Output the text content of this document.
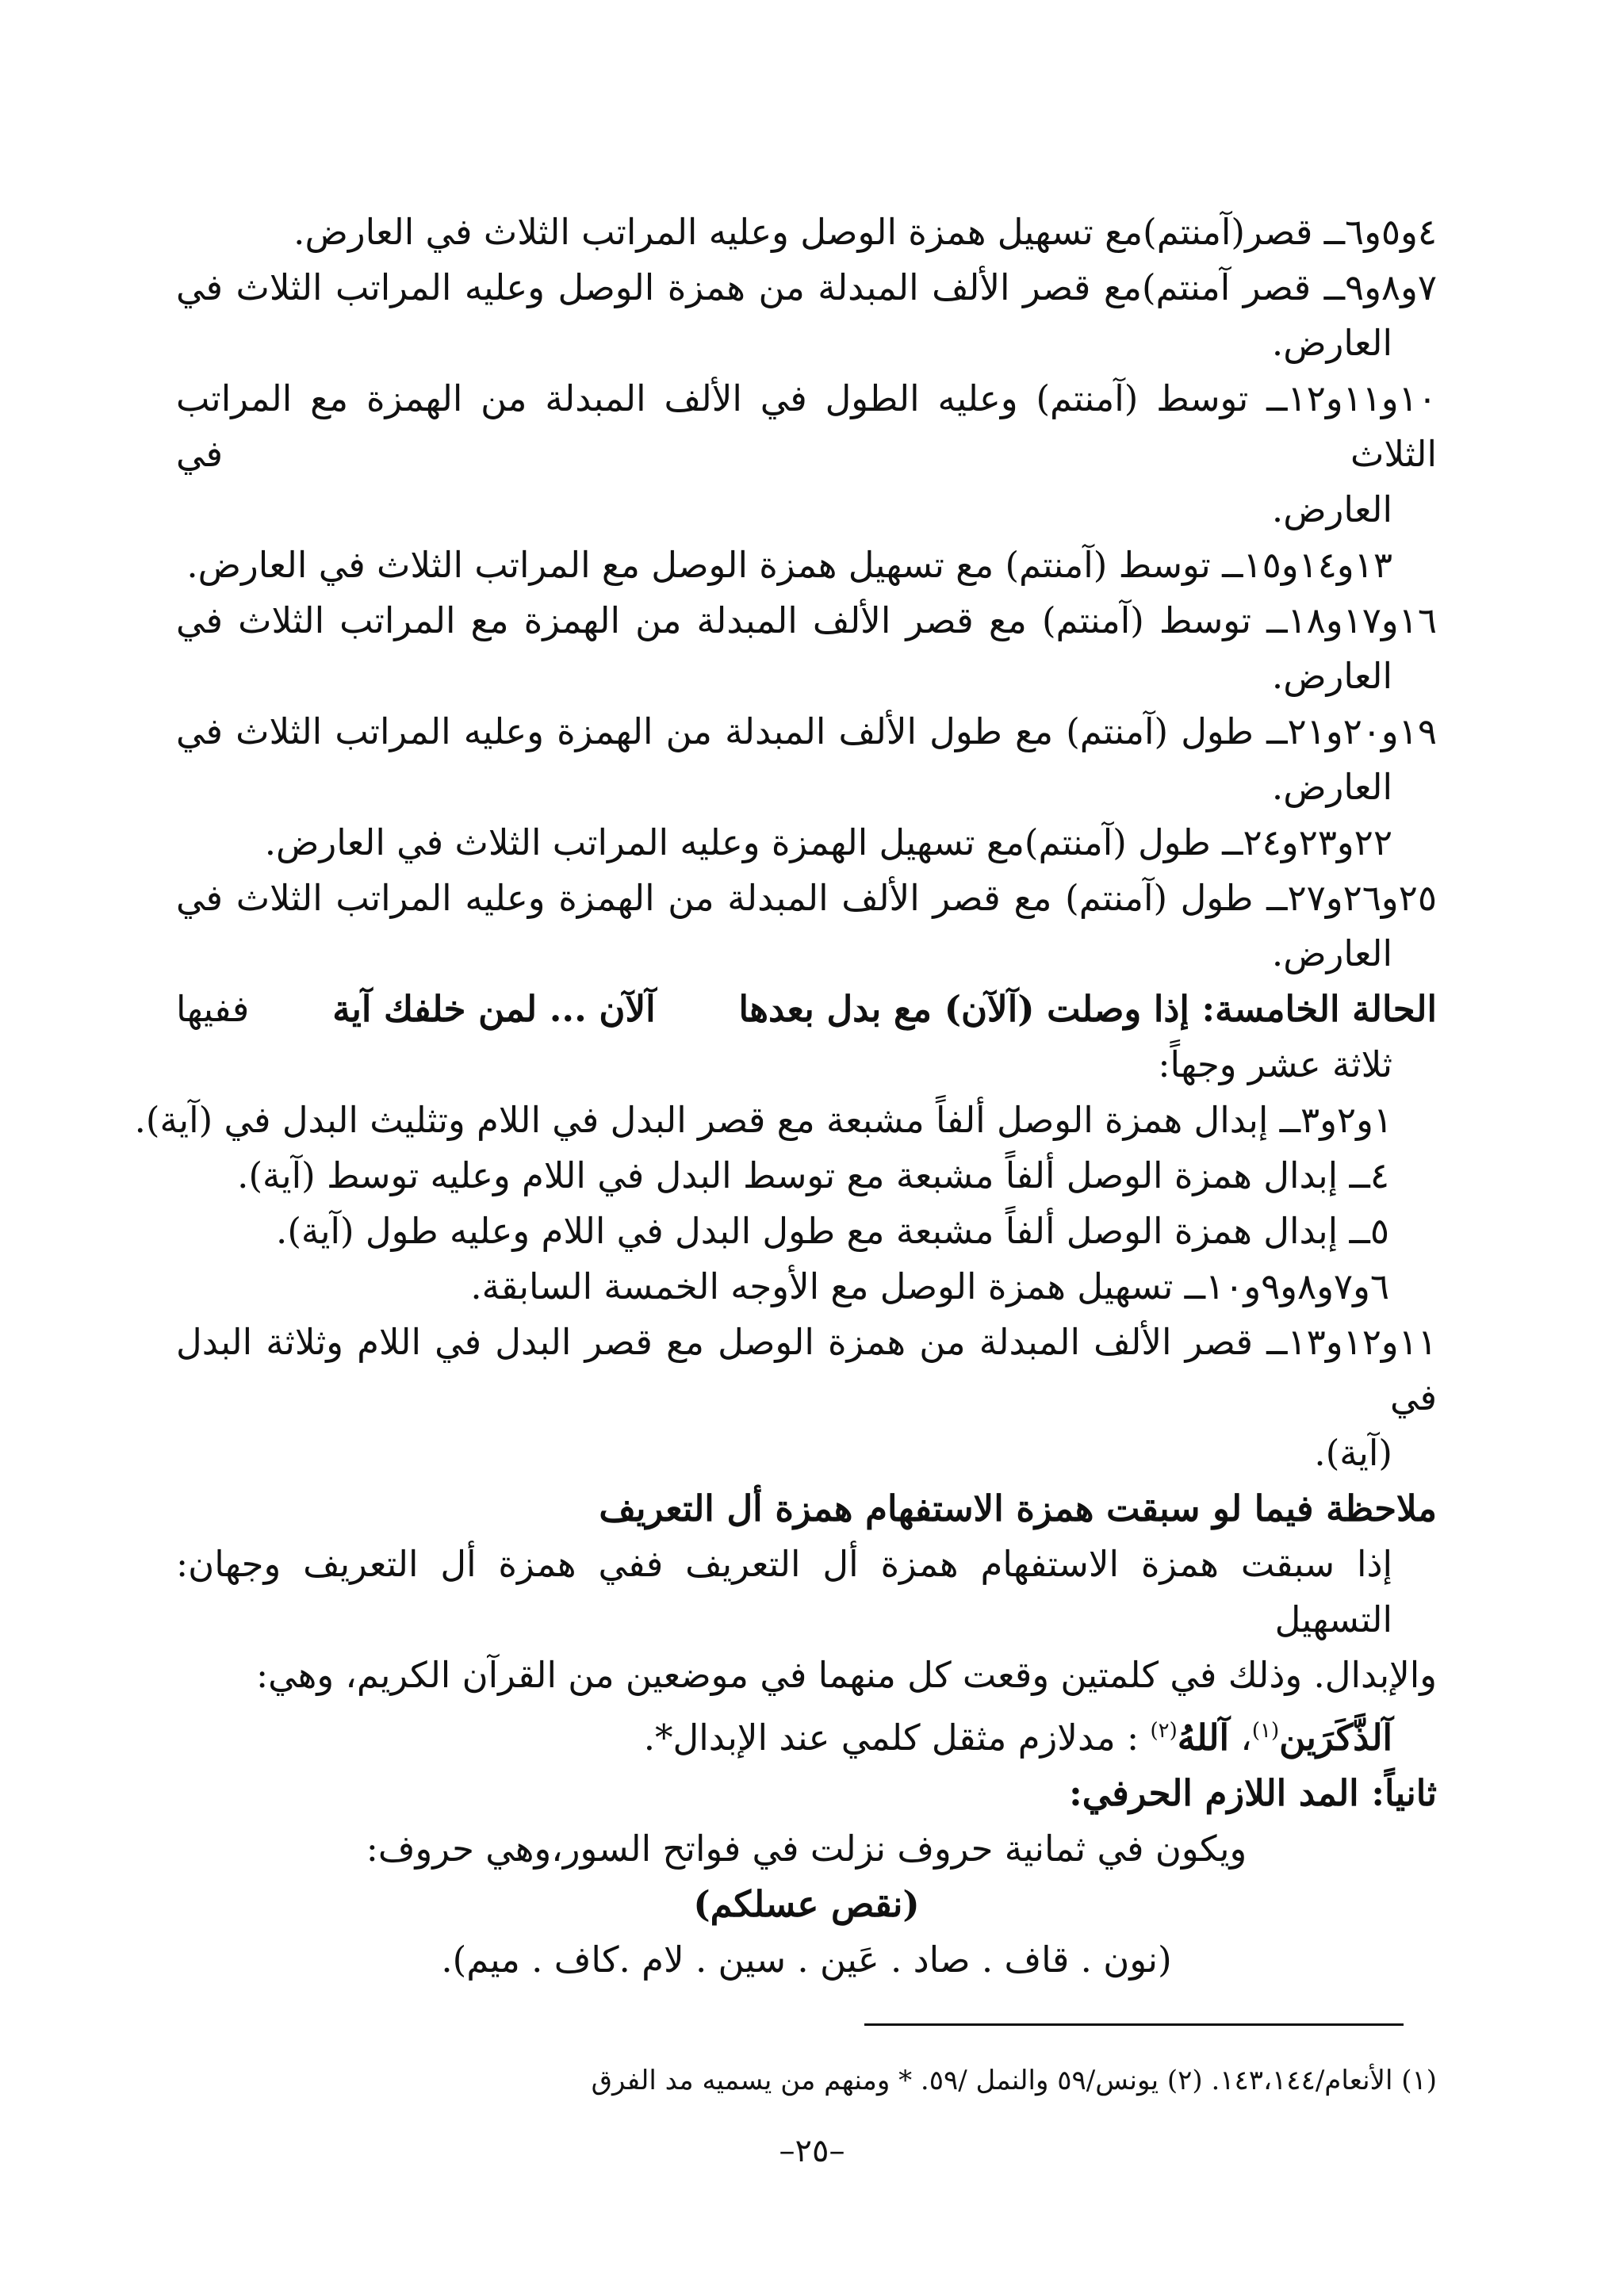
٤و٥و٦ــ قصر(آمنتم)مع تسهيل همزة الوصل وعليه المراتب الثلاث في العارض.
٧و٨و٩ــ قصر آمنتم)مع قصر الألف المبدلة من همزة الوصل وعليه المراتب الثلاث في
العارض.
١٠و١١و١٢ــ توسط (آمنتم) وعليه الطول في الألف المبدلة من الهمزة مع المراتب الثلاث في
العارض.
١٣و١٤و١٥ــ توسط (آمنتم) مع تسهيل همزة الوصل مع المراتب الثلاث في العارض.
١٦و١٧و١٨ــ توسط (آمنتم) مع قصر الألف المبدلة من الهمزة مع المراتب الثلاث في
العارض.
١٩و٢٠و٢١ــ طول (آمنتم) مع طول الألف المبدلة من الهمزة وعليه المراتب الثلاث في
العارض.
٢٢و٢٣و٢٤ــ طول (آمنتم)مع تسهيل الهمزة وعليه المراتب الثلاث في العارض.
٢٥و٢٦و٢٧ــ طول (آمنتم) مع قصر الألف المبدلة من الهمزة وعليه المراتب الثلاث في
العارض.
الحالة الخامسة: إذا وصلت (آلآن) مع بدل بعدها
آلآن ... لمن خلفك آية
ففيها
ثلاثة عشر وجهاً:
١و٢و٣ــ إبدال همزة الوصل ألفاً مشبعة مع قصر البدل في اللام وتثليث البدل في (آية).
٤ــ إبدال همزة الوصل ألفاً مشبعة مع توسط البدل في اللام وعليه توسط (آية).
٥ــ إبدال همزة الوصل ألفاً مشبعة مع طول البدل في اللام وعليه طول (آية).
٦و٧و٨و٩و١٠ــ تسهيل همزة الوصل مع الأوجه الخمسة السابقة.
١١و١٢و١٣ــ قصر الألف المبدلة من همزة الوصل مع قصر البدل في اللام وثلاثة البدل في
(آية).
ملاحظة فيما لو سبقت همزة الاستفهام همزة أل التعريف
إذا سبقت همزة الاستفهام همزة أل التعريف ففي همزة أل التعريف وجهان: التسهيل
والإبدال. وذلك في كلمتين وقعت كل منهما في موضعين من القرآن الكريم، وهي:
آلذَّكَرَين$^{(١)}$، آللهُ$^{(٢)}$ : مدلازم مثقل كلمي عند الإبدال*.
ثانياً: المد اللازم الحرفي:
ويكون في ثمانية حروف نزلت في فواتح السور،وهي حروف:
(نقص عسلكم)
(نون . قاف . صاد . عَين . سين . لام .كاف . ميم).
(١) الأنعام/١٤٣،١٤٤. (٢) يونس/٥٩ والنمل /٥٩. * ومنهم من يسميه مد الفرق
–٢٥–
